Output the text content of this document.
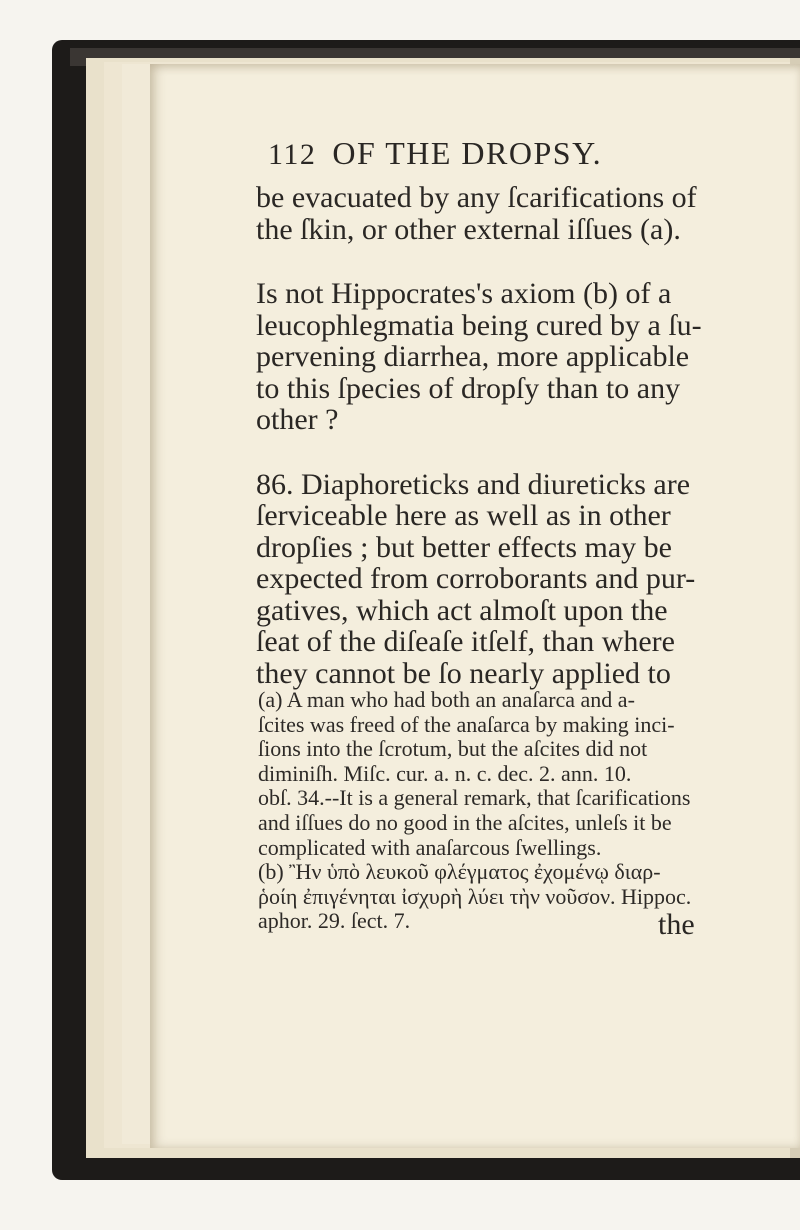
112 OF THE DROPSY.

be evacuated by any ſcarifications of
the ſkin, or other external iſſues (a).

Is not Hippocrates's axiom (b) of a
leucophlegmatia being cured by a ſu-
pervening diarrhea, more applicable
to this ſpecies of dropſy than to any
other ?

86. Diaphoreticks and diureticks are
ſerviceable here as well as in other
dropſies ; but better effects may be
expected from corroborants and pur-
gatives, which act almoſt upon the
ſeat of the diſeaſe itſelf, than where
they cannot be ſo nearly applied to

(a) A man who had both an anaſarca and a-
ſcites was freed of the anaſarca by making inci-
ſions into the ſcrotum, but the aſcites did not
diminiſh. Miſc. cur. a. n. c. dec. 2. ann. 10.
obſ. 34.--It is a general remark, that ſcarifications
and iſſues do no good in the aſcites, unleſs it be
complicated with anaſarcous ſwellings.
(b) Ἢν ὑπὸ λευκοῦ φλέγματος ἐχομένῳ διαρ-
ῥοίη ἐπιγένηται ἰσχυρὴ λύει τὴν νοῦσον. Hippoc.
aphor. 29. ſect. 7.	the
